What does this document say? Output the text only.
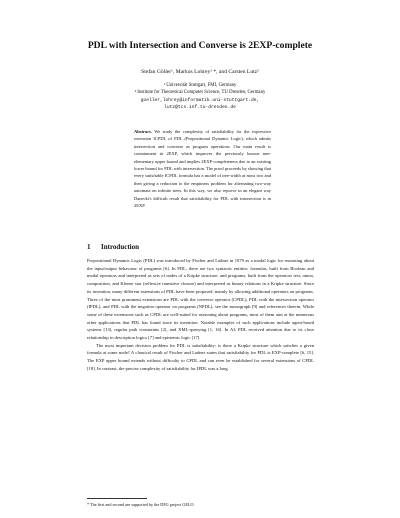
PDL with Intersection and Converse is 2EXP-complete
Stefan Göller¹, Markus Lohrey¹ *, and Carsten Lutz²
¹ Universität Stuttgart, FMI, Germany
² Institute for Theoretical Computer Science, TU Dresden, Germany
goeller,lohrey@informatik.uni-stuttgart.de,
lutz@tcs.inf.tu-dresden.de

Abstract. We study the complexity of satisfiability for the expressive extension ICPDL of PDL (Propositional Dynamic Logic), which admits intersection and converse as program operations. Our main result is containment in 2EXP, which improves the previously known non-elementary upper bound and implies 2EXP-completeness due to an existing lower bound for PDL with intersection. The proof proceeds by showing that every satisfiable ICPDL formula has a model of tree-width at most two and then giving a reduction to the emptiness problem for alternating two-way automata on infinite trees. In this way, we also reprove in an elegant way Danecki's difficult result that satisfiability for PDL with intersection is in 2EXP.

1 Introduction

Propositional Dynamic Logic (PDL) was introduced by Fischer and Ladner in 1979 as a modal logic for reasoning about the input/output behaviour of programs [6]. In PDL, there are two syntactic entities: formulas, built from Boolean and modal operators and interpreted as sets of nodes of a Kripke structure, and programs, built from the operators test, union, composition, and Kleene star (reflexive transitive closure) and interpreted as binary relations in a Kripke structure. Since its invention, many different extensions of PDL have been proposed, mainly by allowing additional operators on programs. Three of the most prominent extensions are PDL with the converse operator (CPDL), PDL with the intersection operator (IPDL), and PDL with the negation operator on programs (NPDL), see the monograph [9] and references therein. While some of these extensions such as CPDL are well-suited for reasoning about programs, most of them aim at the numerous other applications that PDL has found since its invention. Notable examples of such applications include agent-based systems [13], regular path constraints [2], and XML-querying [1, 16]. In AI, PDL received attention due to its close relationship to description logics [7] and epistemic logic [17].

The most important decision problem for PDL is satisfiability: is there a Kripke structure which satisfies a given formula at some node? A classical result of Fischer and Ladner states that satisfiability for PDL is EXP-complete [6, 15]. The EXP upper bound extends without difficulty to CPDL and can even be established for several extensions of CPDL [18]. In contrast, the precise complexity of satisfiability for IPDL was a long

* The first and second are supported by the DFG project GELO.
